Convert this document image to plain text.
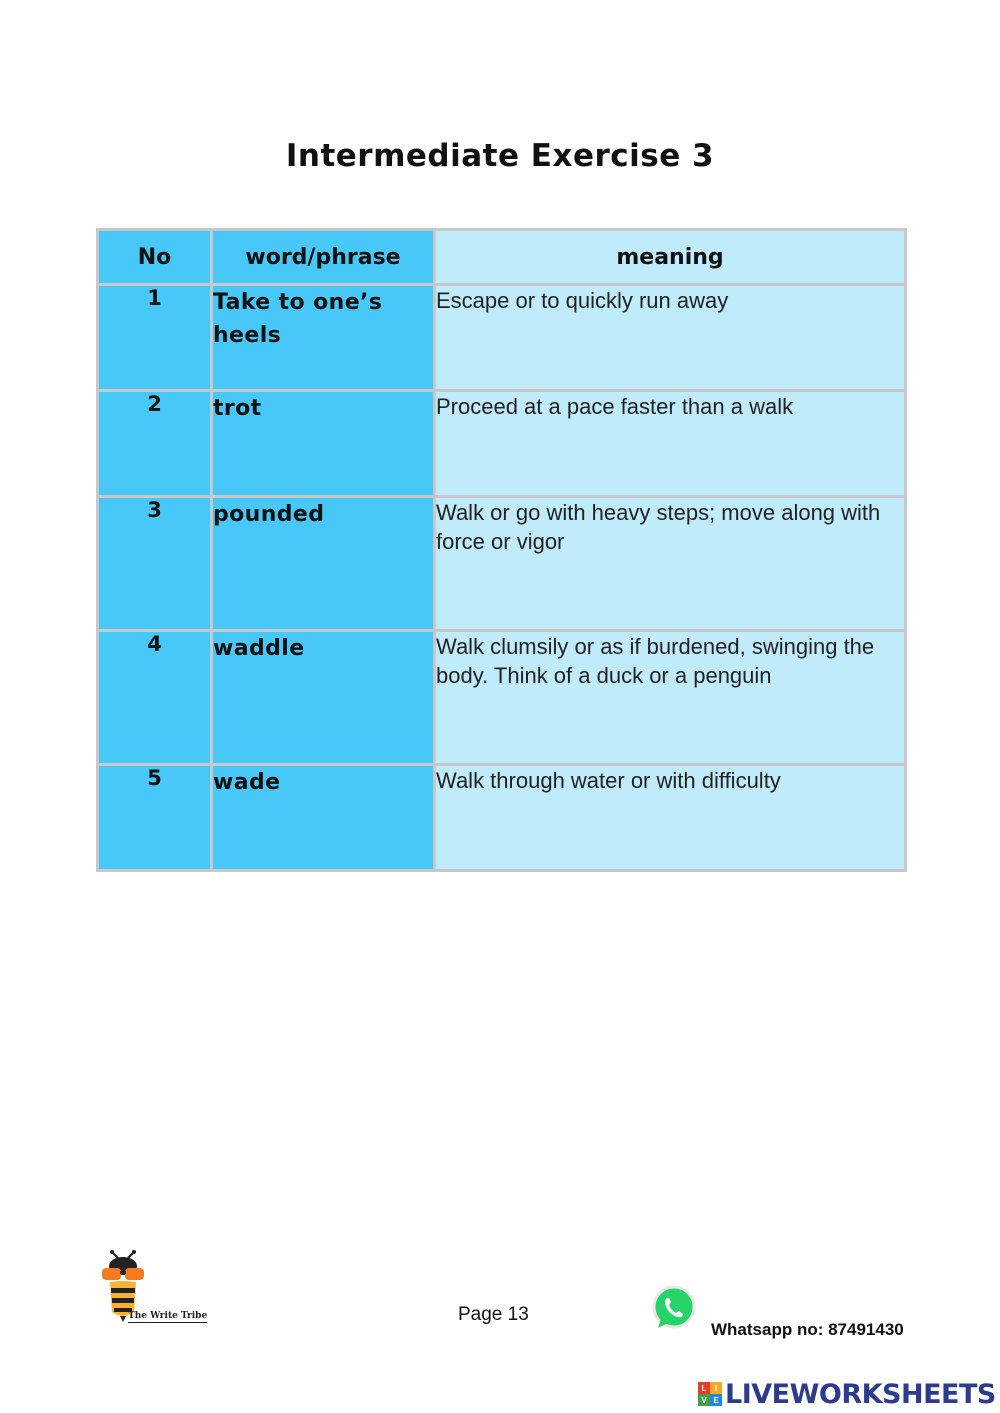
Intermediate Exercise 3
No	word/phrase	meaning
1	Take to one’s heels	Escape or to quickly run away
2	trot	Proceed at a pace faster than a walk
3	pounded	Walk or go with heavy steps; move along with force or vigor
4	waddle	Walk clumsily or as if burdened, swinging the body. Think of a duck or a penguin
5	wade	Walk through water or with difficulty
The Write Tribe	Page 13
Whatsapp no: 87491430
L	I
V E LIVEWORKSHEETS
